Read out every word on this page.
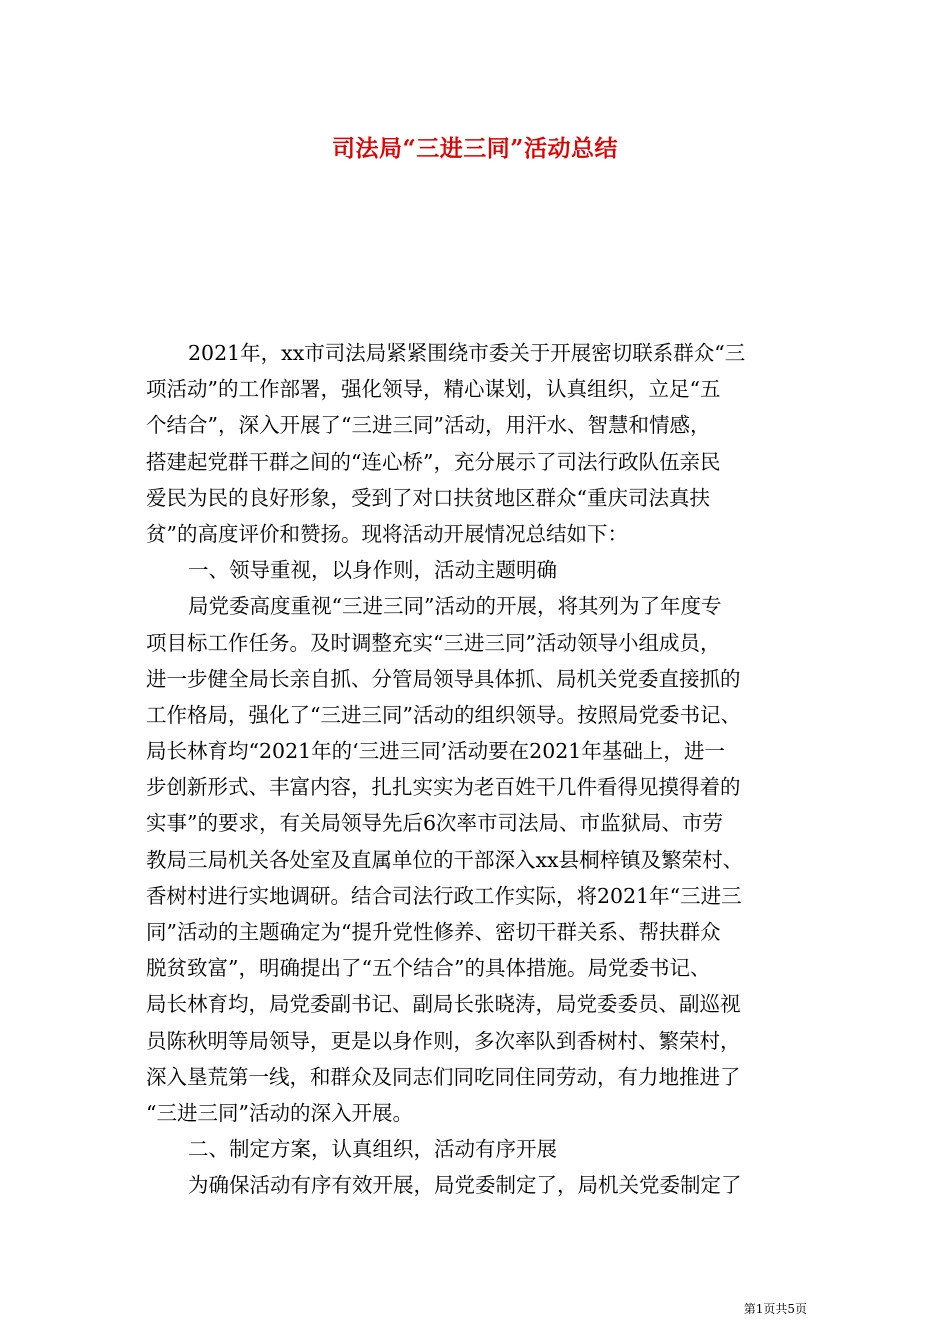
司法局“三进三同”活动总结
2021年，xx市司法局紧紧围绕市委关于开展密切联系群众“三
项活动”的工作部署，强化领导，精心谋划，认真组织，立足“五
个结合”，深入开展了“三进三同”活动，用汗水、智慧和情感，
搭建起党群干群之间的“连心桥”，充分展示了司法行政队伍亲民
爱民为民的良好形象，受到了对口扶贫地区群众“重庆司法真扶
贫”的高度评价和赞扬。现将活动开展情况总结如下：
一、领导重视，以身作则，活动主题明确
局党委高度重视“三进三同”活动的开展，将其列为了年度专
项目标工作任务。及时调整充实“三进三同”活动领导小组成员，
进一步健全局长亲自抓、分管局领导具体抓、局机关党委直接抓的
工作格局，强化了“三进三同”活动的组织领导。按照局党委书记、
局长林育均“2021年的‘三进三同’活动要在2021年基础上，进一
步创新形式、丰富内容，扎扎实实为老百姓干几件看得见摸得着的
实事”的要求，有关局领导先后6次率市司法局、市监狱局、市劳
教局三局机关各处室及直属单位的干部深入xx县桐梓镇及繁荣村、
香树村进行实地调研。结合司法行政工作实际，将2021年“三进三
同”活动的主题确定为“提升党性修养、密切干群关系、帮扶群众
脱贫致富”，明确提出了“五个结合”的具体措施。局党委书记、
局长林育均，局党委副书记、副局长张晓涛，局党委委员、副巡视
员陈秋明等局领导，更是以身作则，多次率队到香树村、繁荣村，
深入垦荒第一线，和群众及同志们同吃同住同劳动，有力地推进了
“三进三同”活动的深入开展。
二、制定方案，认真组织，活动有序开展
为确保活动有序有效开展，局党委制定了，局机关党委制定了
第1页共5页
